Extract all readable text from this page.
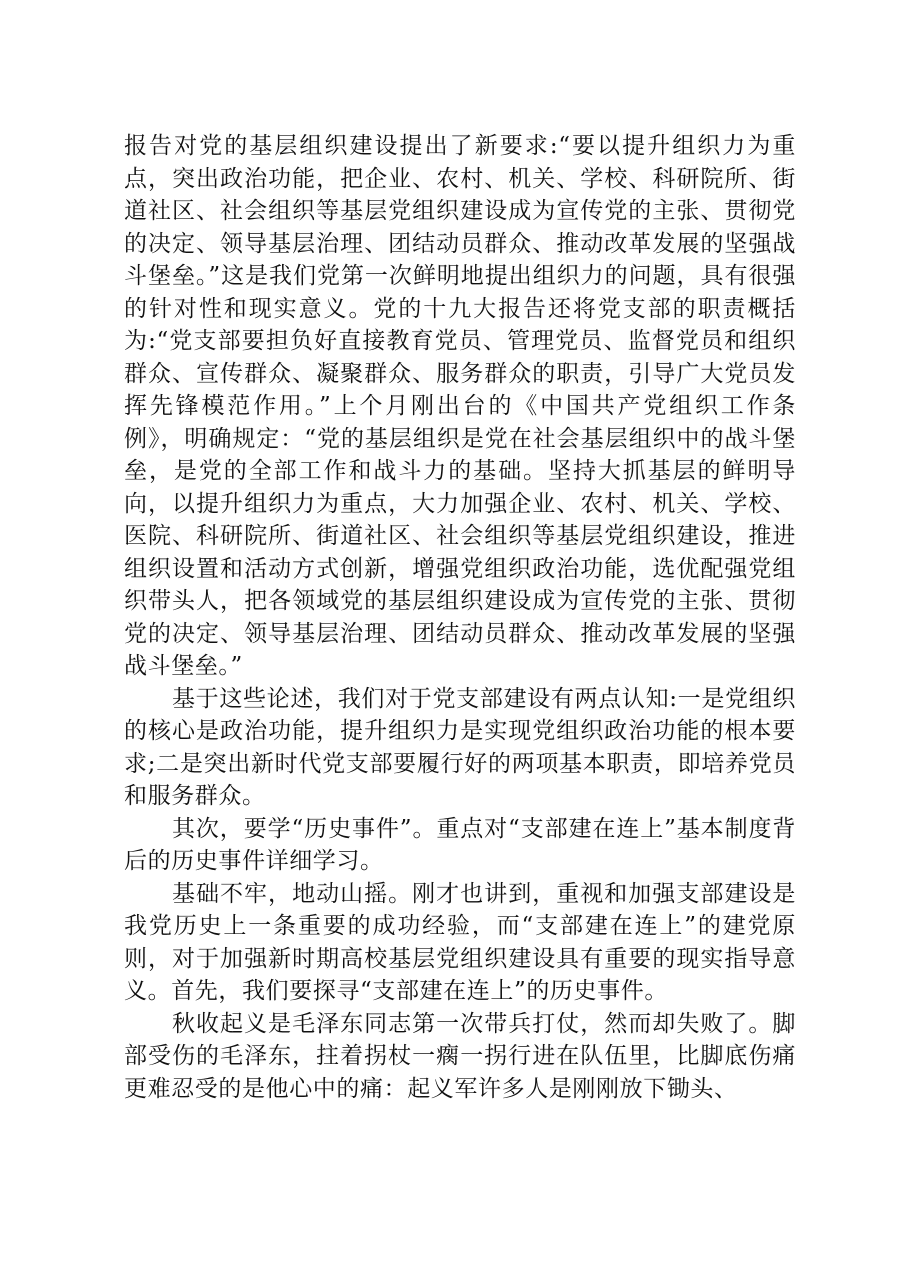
报告对党的基层组织建设提出了新要求:“要以提升组织力为重点，突出政治功能，把企业、农村、机关、学校、科研院所、街道社区、社会组织等基层党组织建设成为宣传党的主张、贯彻党的决定、领导基层治理、团结动员群众、推动改革发展的坚强战斗堡垒。”这是我们党第一次鲜明地提出组织力的问题，具有很强的针对性和现实意义。党的十九大报告还将党支部的职责概括为:“党支部要担负好直接教育党员、管理党员、监督党员和组织群众、宣传群众、凝聚群众、服务群众的职责，引导广大党员发挥先锋模范作用。”上个月刚出台的《中国共产党组织工作条例》，明确规定：“党的基层组织是党在社会基层组织中的战斗堡垒，是党的全部工作和战斗力的基础。坚持大抓基层的鲜明导向，以提升组织力为重点，大力加强企业、农村、机关、学校、医院、科研院所、街道社区、社会组织等基层党组织建设，推进组织设置和活动方式创新，增强党组织政治功能，选优配强党组织带头人，把各领域党的基层组织建设成为宣传党的主张、贯彻党的决定、领导基层治理、团结动员群众、推动改革发展的坚强战斗堡垒。”

基于这些论述，我们对于党支部建设有两点认知:一是党组织的核心是政治功能，提升组织力是实现党组织政治功能的根本要求;二是突出新时代党支部要履行好的两项基本职责，即培养党员和服务群众。

其次，要学“历史事件”。重点对“支部建在连上”基本制度背后的历史事件详细学习。

基础不牢，地动山摇。刚才也讲到，重视和加强支部建设是我党历史上一条重要的成功经验，而“支部建在连上”的建党原则，对于加强新时期高校基层党组织建设具有重要的现实指导意义。首先，我们要探寻“支部建在连上”的历史事件。

秋收起义是毛泽东同志第一次带兵打仗，然而却失败了。脚部受伤的毛泽东，拄着拐杖一瘸一拐行进在队伍里，比脚底伤痛更难忍受的是他心中的痛：起义军许多人是刚刚放下锄头、
